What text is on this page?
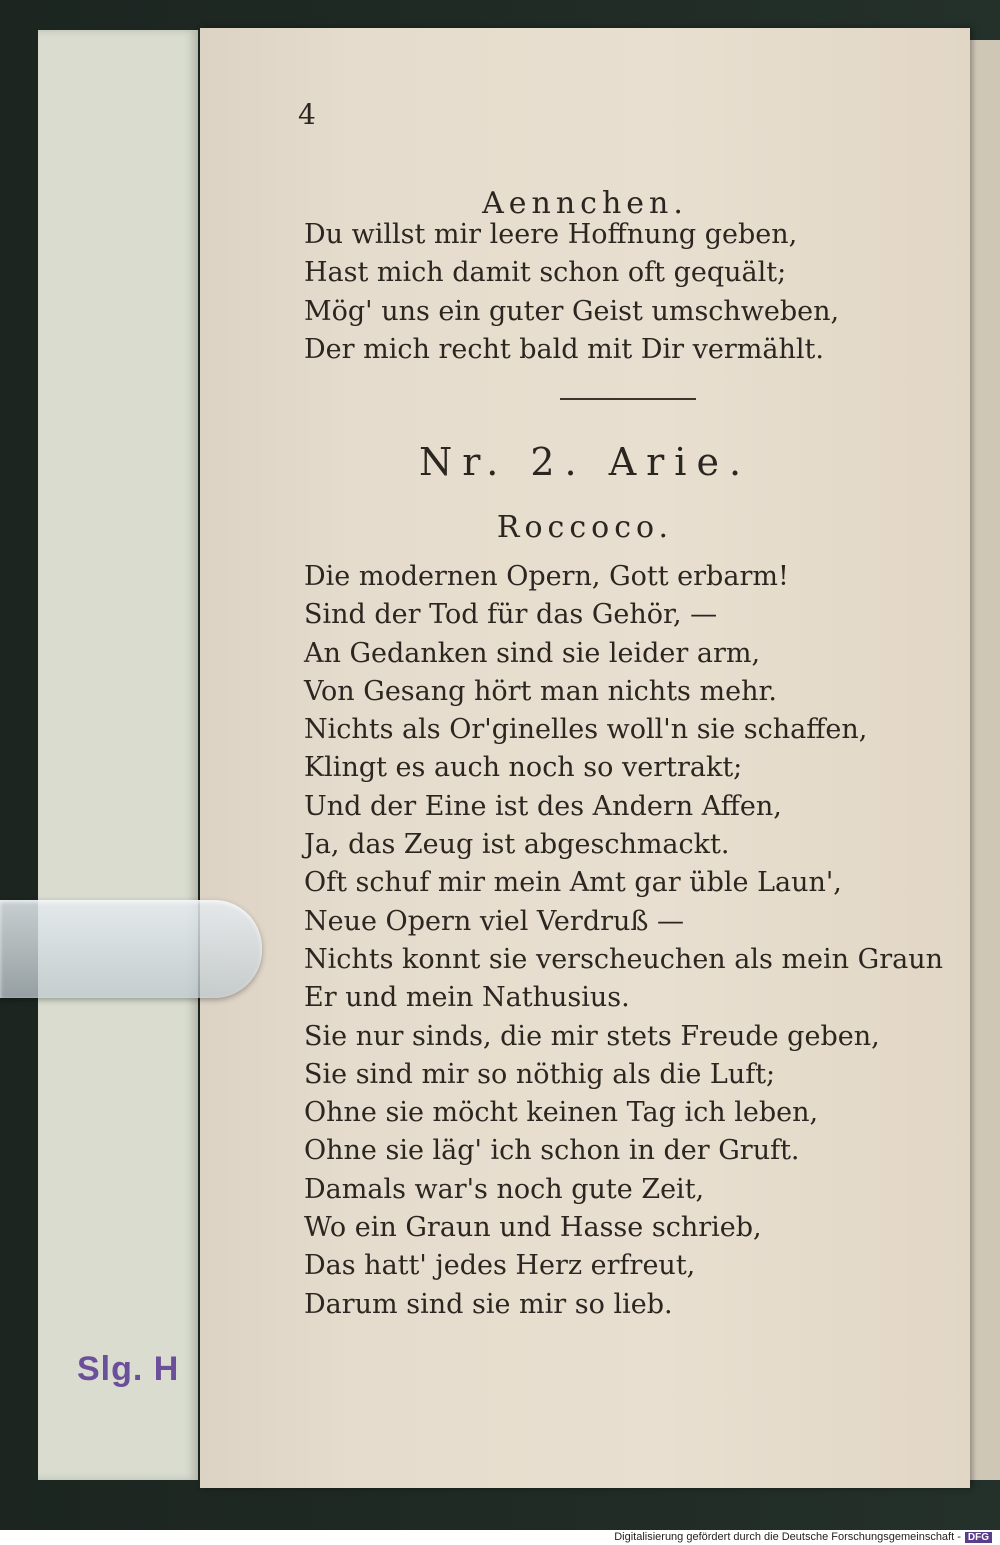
Slg. H
4
Aennchen.
Du willst mir leere Hoffnung geben,
Hast mich damit schon oft gequält;
Mög' uns ein guter Geist umschweben,
Der mich recht bald mit Dir vermählt.
Nr. 2. Arie.
Roccoco.
Die modernen Opern, Gott erbarm!
Sind der Tod für das Gehör, —
An Gedanken sind sie leider arm,
Von Gesang hört man nichts mehr.
Nichts als Or'ginelles woll'n sie schaffen,
Klingt es auch noch so vertrakt;
Und der Eine ist des Andern Affen,
Ja, das Zeug ist abgeschmackt.
Oft schuf mir mein Amt gar üble Laun',
Neue Opern viel Verdruß —
Nichts konnt sie verscheuchen als mein Graun
Er und mein Nathusius.
Sie nur sinds, die mir stets Freude geben,
Sie sind mir so nöthig als die Luft;
Ohne sie möcht keinen Tag ich leben,
Ohne sie läg' ich schon in der Gruft.
Damals war's noch gute Zeit,
Wo ein Graun und Hasse schrieb,
Das hatt' jedes Herz erfreut,
Darum sind sie mir so lieb.
Digitalisierung gefördert durch die Deutsche Forschungsgemeinschaft - DFG
